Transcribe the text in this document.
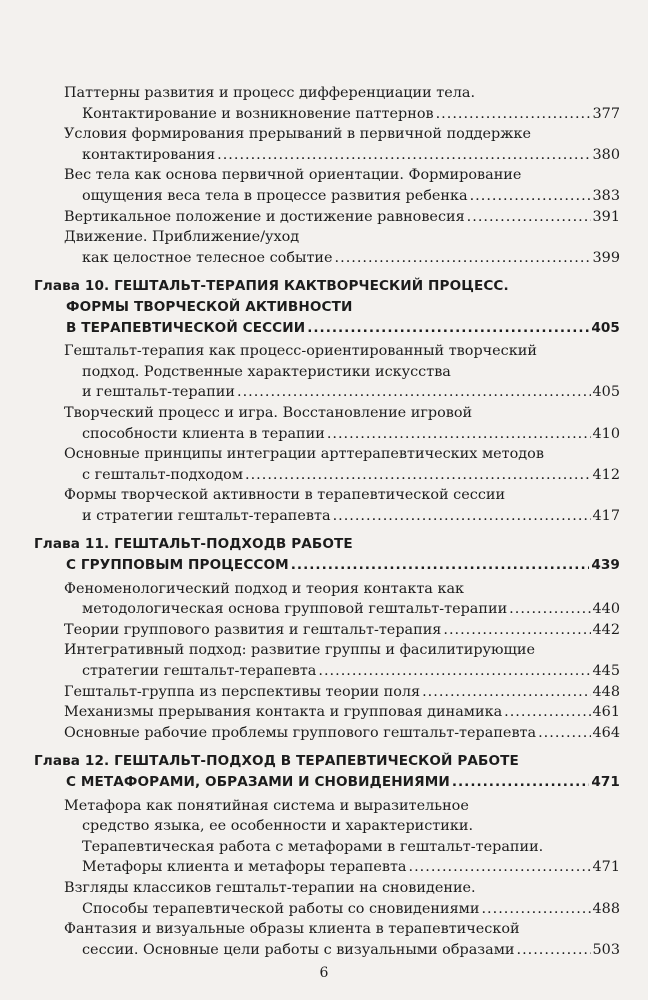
Паттерны развития и процесс дифференциации тела.
Контактирование и возникновение паттернов .....	377
Условия формирования прерываний в первичной поддержке
контактирования .....	380
Вес тела как основа первичной ориентации. Формирование
ощущения веса тела в процессе развития ребенка .....	383
Вертикальное положение и достижение равновесия .....	391
Движение. Приближение/уход
как целостное телесное событие .....	399
Глава 10. ГЕШТАЛЬТ-ТЕРАПИЯ КАКТВОРЧЕСКИЙ ПРОЦЕСС.
ФОРМЫ ТВОРЧЕСКОЙ АКТИВНОСТИ
В ТЕРАПЕВТИЧЕСКОЙ СЕССИИ .....	405
Гештальт-терапия как процесс-ориентированный творческий
подход. Родственные характеристики искусства
и гештальт-терапии .....	405
Творческий процесс и игра. Восстановление игровой
способности клиента в терапии .....	410
Основные принципы интеграции арттерапевтических методов
с гештальт-подходом .....	412
Формы творческой активности в терапевтической сессии
и стратегии гештальт-терапевта .....	417
Глава 11. ГЕШТАЛЬТ-ПОДХОДВ РАБОТЕ
С ГРУППОВЫМ ПРОЦЕССОМ .....	439
Феноменологический подход и теория контакта как
методологическая основа групповой гештальт-терапии .....	440
Теории группового развития и гештальт-терапия .....	442
Интегративный подход: развитие группы и фасилитирующие
стратегии гештальт-терапевта .....	445
Гештальт-группа из перспективы теории поля .....	448
Механизмы прерывания контакта и групповая динамика .....	461
Основные рабочие проблемы группового гештальт-терапевта .....	464
Глава 12. ГЕШТАЛЬТ-ПОДХОД В ТЕРАПЕВТИЧЕСКОЙ РАБОТЕ
С МЕТАФОРАМИ, ОБРАЗАМИ И СНОВИДЕНИЯМИ .....	471
Метафора как понятийная система и выразительное
средство языка, ее особенности и характеристики.
Терапевтическая работа с метафорами в гештальт-терапии.
Метафоры клиента и метафоры терапевта .....	471
Взгляды классиков гештальт-терапии на сновидение.
Способы терапевтической работы со сновидениями .....	488
Фантазия и визуальные образы клиента в терапевтической
сессии. Основные цели работы с визуальными образами .....	503
6
